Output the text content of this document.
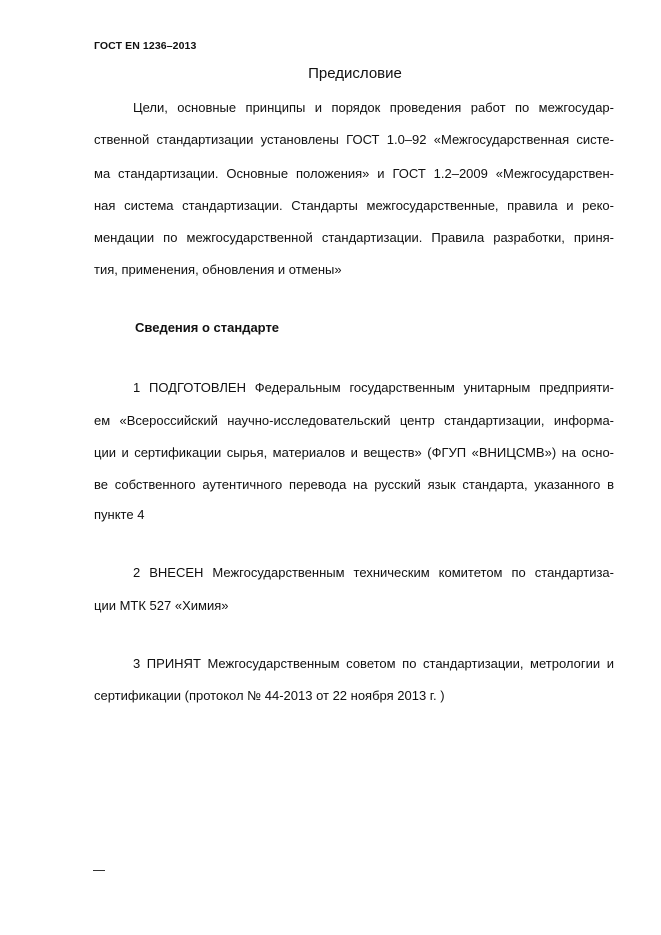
ГОСТ EN 1236–2013
Предисловие
Цели, основные принципы и порядок проведения работ по межгосудар-
ственной стандартизации установлены ГОСТ 1.0–92 «Межгосударственная систе-
ма стандартизации. Основные положения» и ГОСТ 1.2–2009 «Межгосударствен-
ная система стандартизации. Стандарты межгосударственные, правила и реко-
мендации по межгосударственной стандартизации. Правила разработки, приня-
тия, применения, обновления и отмены»
Сведения о стандарте
1 ПОДГОТОВЛЕН Федеральным государственным унитарным предприяти-
ем «Всероссийский научно-исследовательский центр стандартизации, информа-
ции и сертификации сырья, материалов и веществ» (ФГУП «ВНИЦСМВ») на осно-
ве собственного аутентичного перевода на русский язык стандарта, указанного в
пункте 4
2 ВНЕСЕН Межгосударственным техническим комитетом по стандартиза-
ции МТК 527 «Химия»
3 ПРИНЯТ Межгосударственным советом по стандартизации, метрологии и
сертификации (протокол № 44-2013 от 22 ноября 2013 г. )
